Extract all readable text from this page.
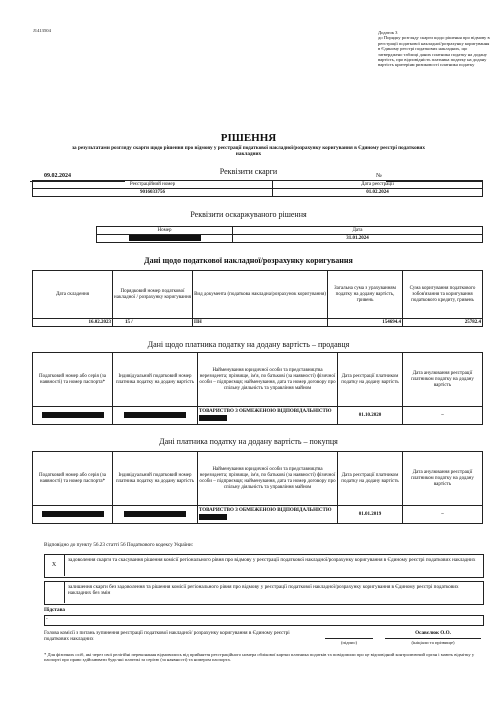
J1413504	Додаток 3
до Порядку розгляду скарги щодо рішення про відмову в реєстрації податкової накладної/розрахунку коригування в Єдиному реєстрі податкових накладних, що затверджено таблиці даних платника податку на додану вартість, про відповідність платника податку на додану вартість критеріям ризиковості платника податку
РІШЕННЯ
за результатами розгляду скарги щодо рішення про відмову у реєстрації податкової накладної/розрахунку коригування в Єдиному реєстрі податкових накладних
09.02.2024	№
Реквізити скарги
Реєстраційний номер	Дата реєстрації
9016033756	01.02.2024
Реквізити оскаржуваного рішення
Номер	Дата
	31.01.2024
Дані щодо податкової накладної/розрахунку коригування
Дата складення	Порядковий номер податкової накладної / розрахунку коригування	Вид документа (податкова накладна/розрахунок коригування)	Загальна сума з урахуванням податку на додану вартість, гривень	Сума коригування податкового зобов'язання та коригування податкового кредиту, гривень
16.02.2023	15 /	ПН	154694.4	25782.4
Дані щодо платника податку на додану вартість – продавця
Податковий номер або серія (за наявності) та номер паспорта*	Індивідуальний податковий номер платника податку на додану вартість	Найменування юридичної особи та представництва нерезидента; прізвище, ім'я, по батькові (за наявності) фізичної особи – підприємця; найменування, дата та номер договору про спільну діяльність та управління майном	Дата реєстрації платником податку на додану вартість	Дата анулювання реєстрації платником податку на додану вартість
		ТОВАРИСТВО З ОБМЕЖЕНОЮ ВІДПОВІДАЛЬНІСТЮ	01.10.2020	–
Дані платника податку на додану вартість – покупця
Податковий номер або серія (за наявності) та номер паспорта*	Індивідуальний податковий номер платника податку на додану вартість	Найменування юридичної особи та представництва нерезидента; прізвище, ім'я, по батькові (за наявності) фізичної особи – підприємця; найменування, дата та номер договору про спільну діяльність та управління майном	Дата реєстрації платником податку на додану вартість	Дата анулювання реєстрації платником податку на додану вартість
		ТОВАРИСТВО З ОБМЕЖЕНОЮ ВІДПОВІДАЛЬНІСТЮ	01.01.2019	–
Відповідно до пункту 56.23 статті 56 Податкового кодексу України:
X
задоволення скарги та скасування рішення комісії регіонального рівня про відмову у реєстрації податкової накладної/розрахунку коригування в Єдиному реєстрі податкових накладних
залишення скарги без задоволення та рішення комісії регіонального рівня про відмову у реєстрації податкової накладної/розрахунку коригування в Єдиному реєстрі податкових накладних без змін
Підстава
-
Голова комісії з питань зупинення реєстрації податкової накладної/ розрахунку коригування в Єдиному реєстрі податкових накладних
(підпис)
Осавєлюк О.О.
(ініціали та прізвище)
* Для фізичних осіб, які через свої релігійні переконання відмовились від прийняття реєстраційного номера облікової картки платника податків та повідомили про це відповідний контролюючий орган і мають відмітку у паспорті про право здійснювати будь-які платежі за серією (за наявності) та номером паспорта.
